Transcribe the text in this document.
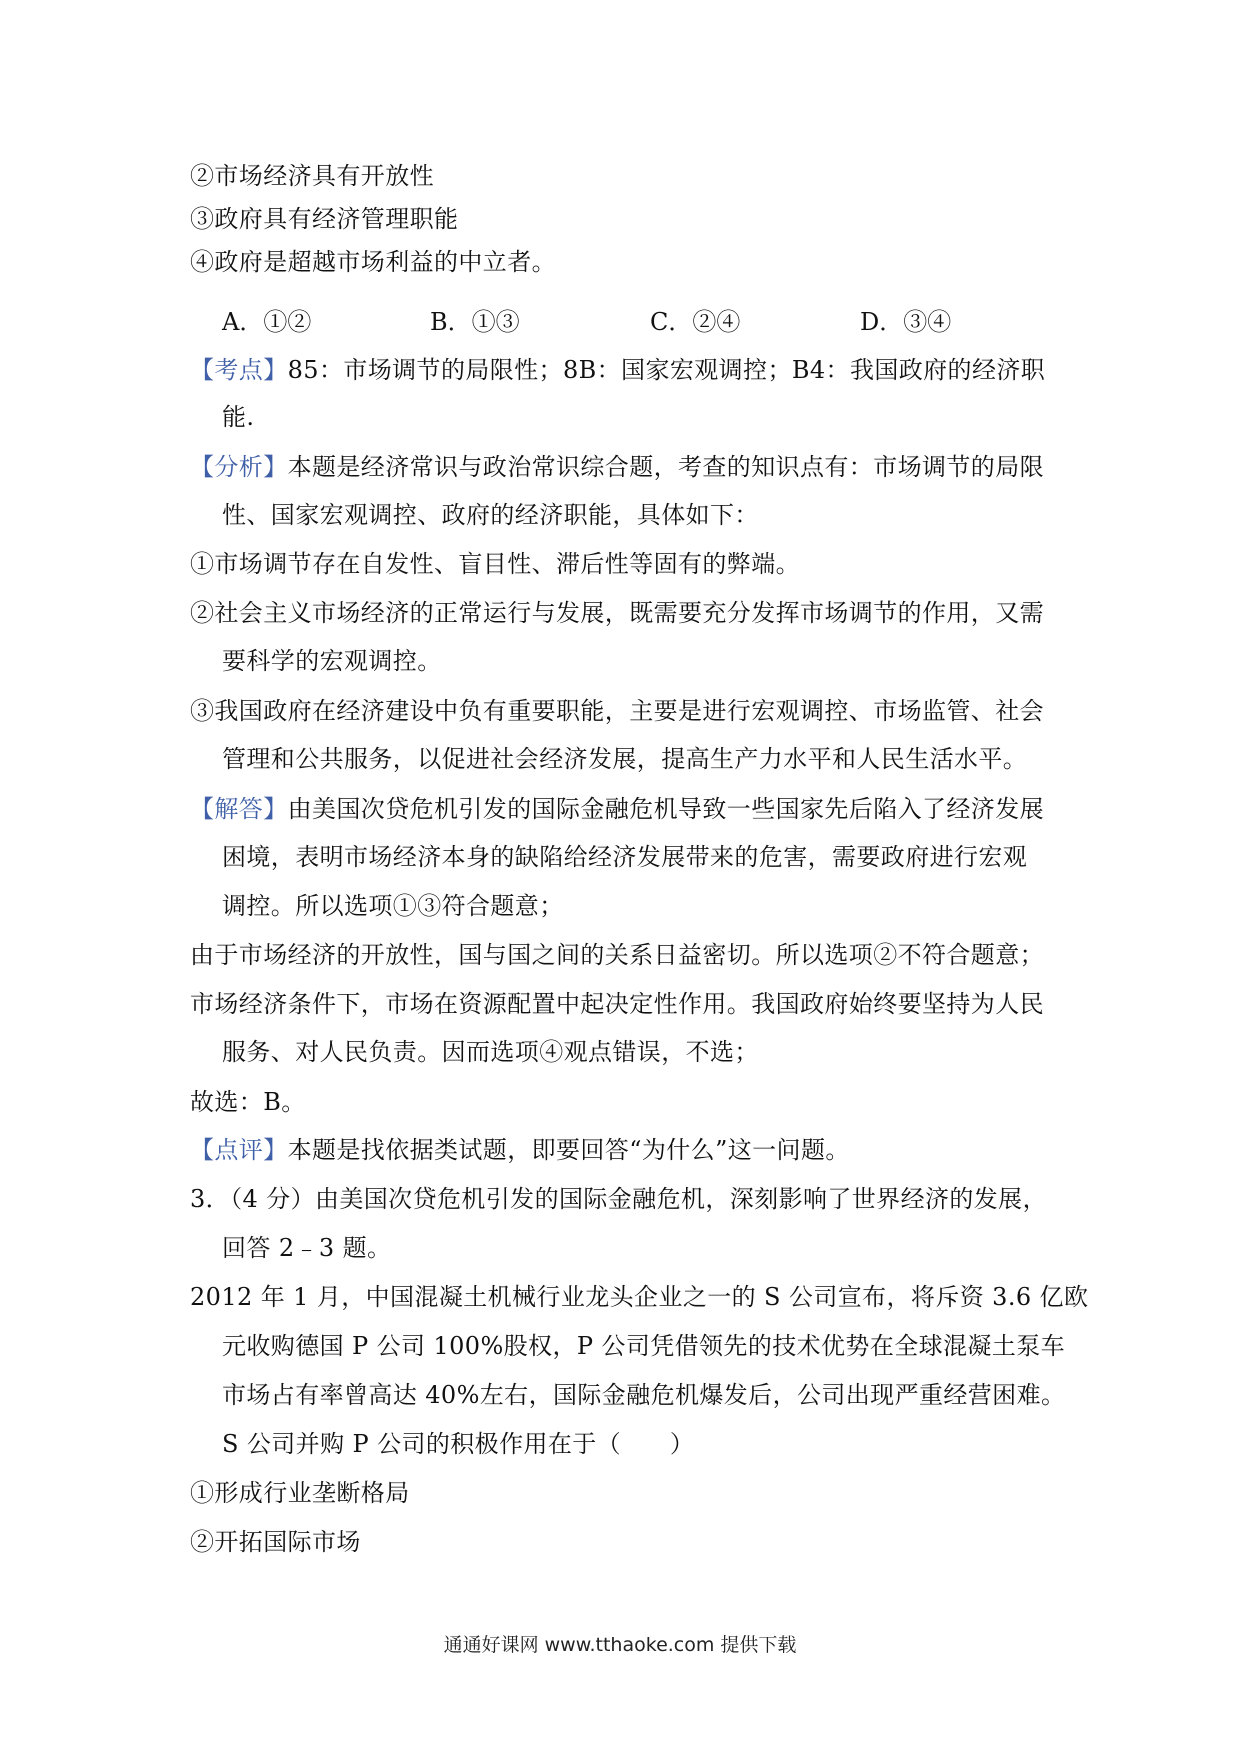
②市场经济具有开放性
③政府具有经济管理职能
④政府是超越市场利益的中立者。
A．①②	B．①③	C．②④	D．③④
【考点】85：市场调节的局限性；8B：国家宏观调控；B4：我国政府的经济职
能.
【分析】本题是经济常识与政治常识综合题，考查的知识点有：市场调节的局限
性、国家宏观调控、政府的经济职能，具体如下：
①市场调节存在自发性、盲目性、滞后性等固有的弊端。
②社会主义市场经济的正常运行与发展，既需要充分发挥市场调节的作用，又需
要科学的宏观调控。
③我国政府在经济建设中负有重要职能，主要是进行宏观调控、市场监管、社会
管理和公共服务，以促进社会经济发展，提高生产力水平和人民生活水平。
【解答】由美国次贷危机引发的国际金融危机导致一些国家先后陷入了经济发展
困境，表明市场经济本身的缺陷给经济发展带来的危害，需要政府进行宏观
调控。所以选项①③符合题意；
由于市场经济的开放性，国与国之间的关系日益密切。所以选项②不符合题意；
市场经济条件下，市场在资源配置中起决定性作用。我国政府始终要坚持为人民
服务、对人民负责。因而选项④观点错误，不选；
故选：B。
【点评】本题是找依据类试题，即要回答“为什么”这一问题。
3．（4 分）由美国次贷危机引发的国际金融危机，深刻影响了世界经济的发展，
回答 2﹣3 题。
2012 年 1 月，中国混凝土机械行业龙头企业之一的 S 公司宣布，将斥资 3.6 亿欧
元收购德国 P 公司 100%股权，P 公司凭借领先的技术优势在全球混凝土泵车
市场占有率曾高达 40%左右，国际金融危机爆发后，公司出现严重经营困难。
S 公司并购 P 公司的积极作用在于（　　）
①形成行业垄断格局
②开拓国际市场
通通好课网 www.tthaoke.com 提供下载
